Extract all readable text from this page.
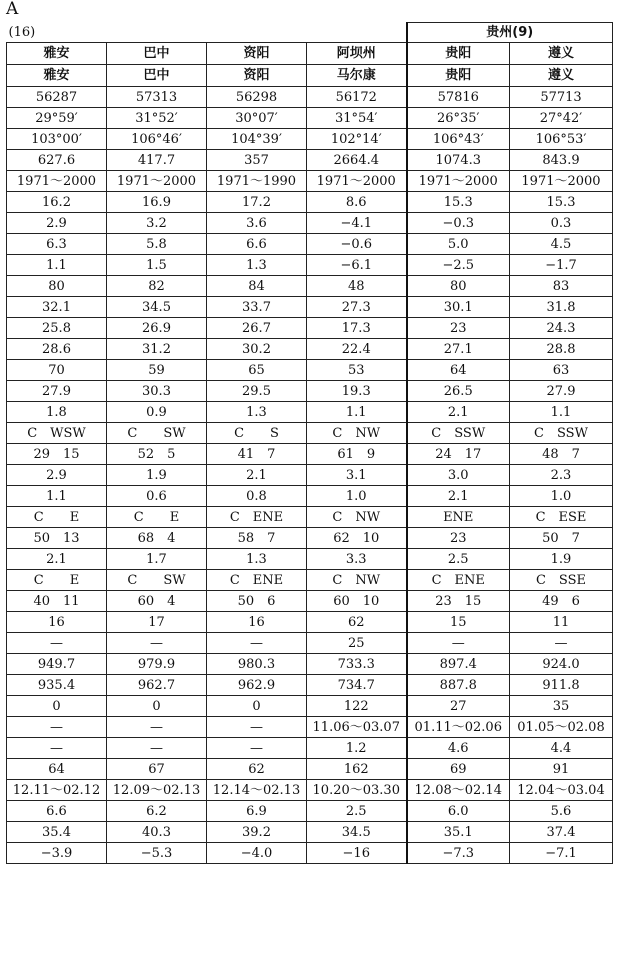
A
(16)				贵州(9)	
雅安	巴中	资阳	阿坝州	贵阳	遵义
雅安	巴中	资阳	马尔康	贵阳	遵义
56287	57313	56298	56172	57816	57713
29°59′	31°52′	30°07′	31°54′	26°35′	27°42′
103°00′	106°46′	104°39′	102°14′	106°43′	106°53′
627.6	417.7	357	2664.4	1074.3	843.9
1971～2000	1971～2000	1971～1990	1971～2000	1971～2000	1971～2000
16.2	16.9	17.2	8.6	15.3	15.3
2.9	3.2	3.6	−4.1	−0.3	0.3
6.3	5.8	6.6	−0.6	5.0	4.5
1.1	1.5	1.3	−6.1	−2.5	−1.7
80	82	84	48	80	83
32.1	34.5	33.7	27.3	30.1	31.8
25.8	26.9	26.7	17.3	23	24.3
28.6	31.2	30.2	22.4	27.1	28.8
70	59	65	53	64	63
27.9	30.3	29.5	19.3	26.5	27.9
1.8	0.9	1.3	1.1	2.1	1.1
C　WSW	C　　SW	C　　S	C　NW	C　SSW	C　SSW
29　15	52　5	41　7	61　9	24　17	48　7
2.9	1.9	2.1	3.1	3.0	2.3
1.1	0.6	0.8	1.0	2.1	1.0
C　　E	C　　E	C　ENE	C　NW	ENE	C　ESE
50　13	68　4	58　7	62　10	23	50　7
2.1	1.7	1.3	3.3	2.5	1.9
C　　E	C　　SW	C　ENE	C　NW	C　ENE	C　SSE
40　11	60　4	50　6	60　10	23　15	49　6
16	17	16	62	15	11
—	—	—	25	—	—
949.7	979.9	980.3	733.3	897.4	924.0
935.4	962.7	962.9	734.7	887.8	911.8
0	0	0	122	27	35
—	—	—	11.06～03.07	01.11～02.06	01.05～02.08
—	—	—	1.2	4.6	4.4
64	67	62	162	69	91
12.11～02.12	12.09～02.13	12.14～02.13	10.20～03.30	12.08～02.14	12.04～03.04
6.6	6.2	6.9	2.5	6.0	5.6
35.4	40.3	39.2	34.5	35.1	37.4
−3.9	−5.3	−4.0	−16	−7.3	−7.1
